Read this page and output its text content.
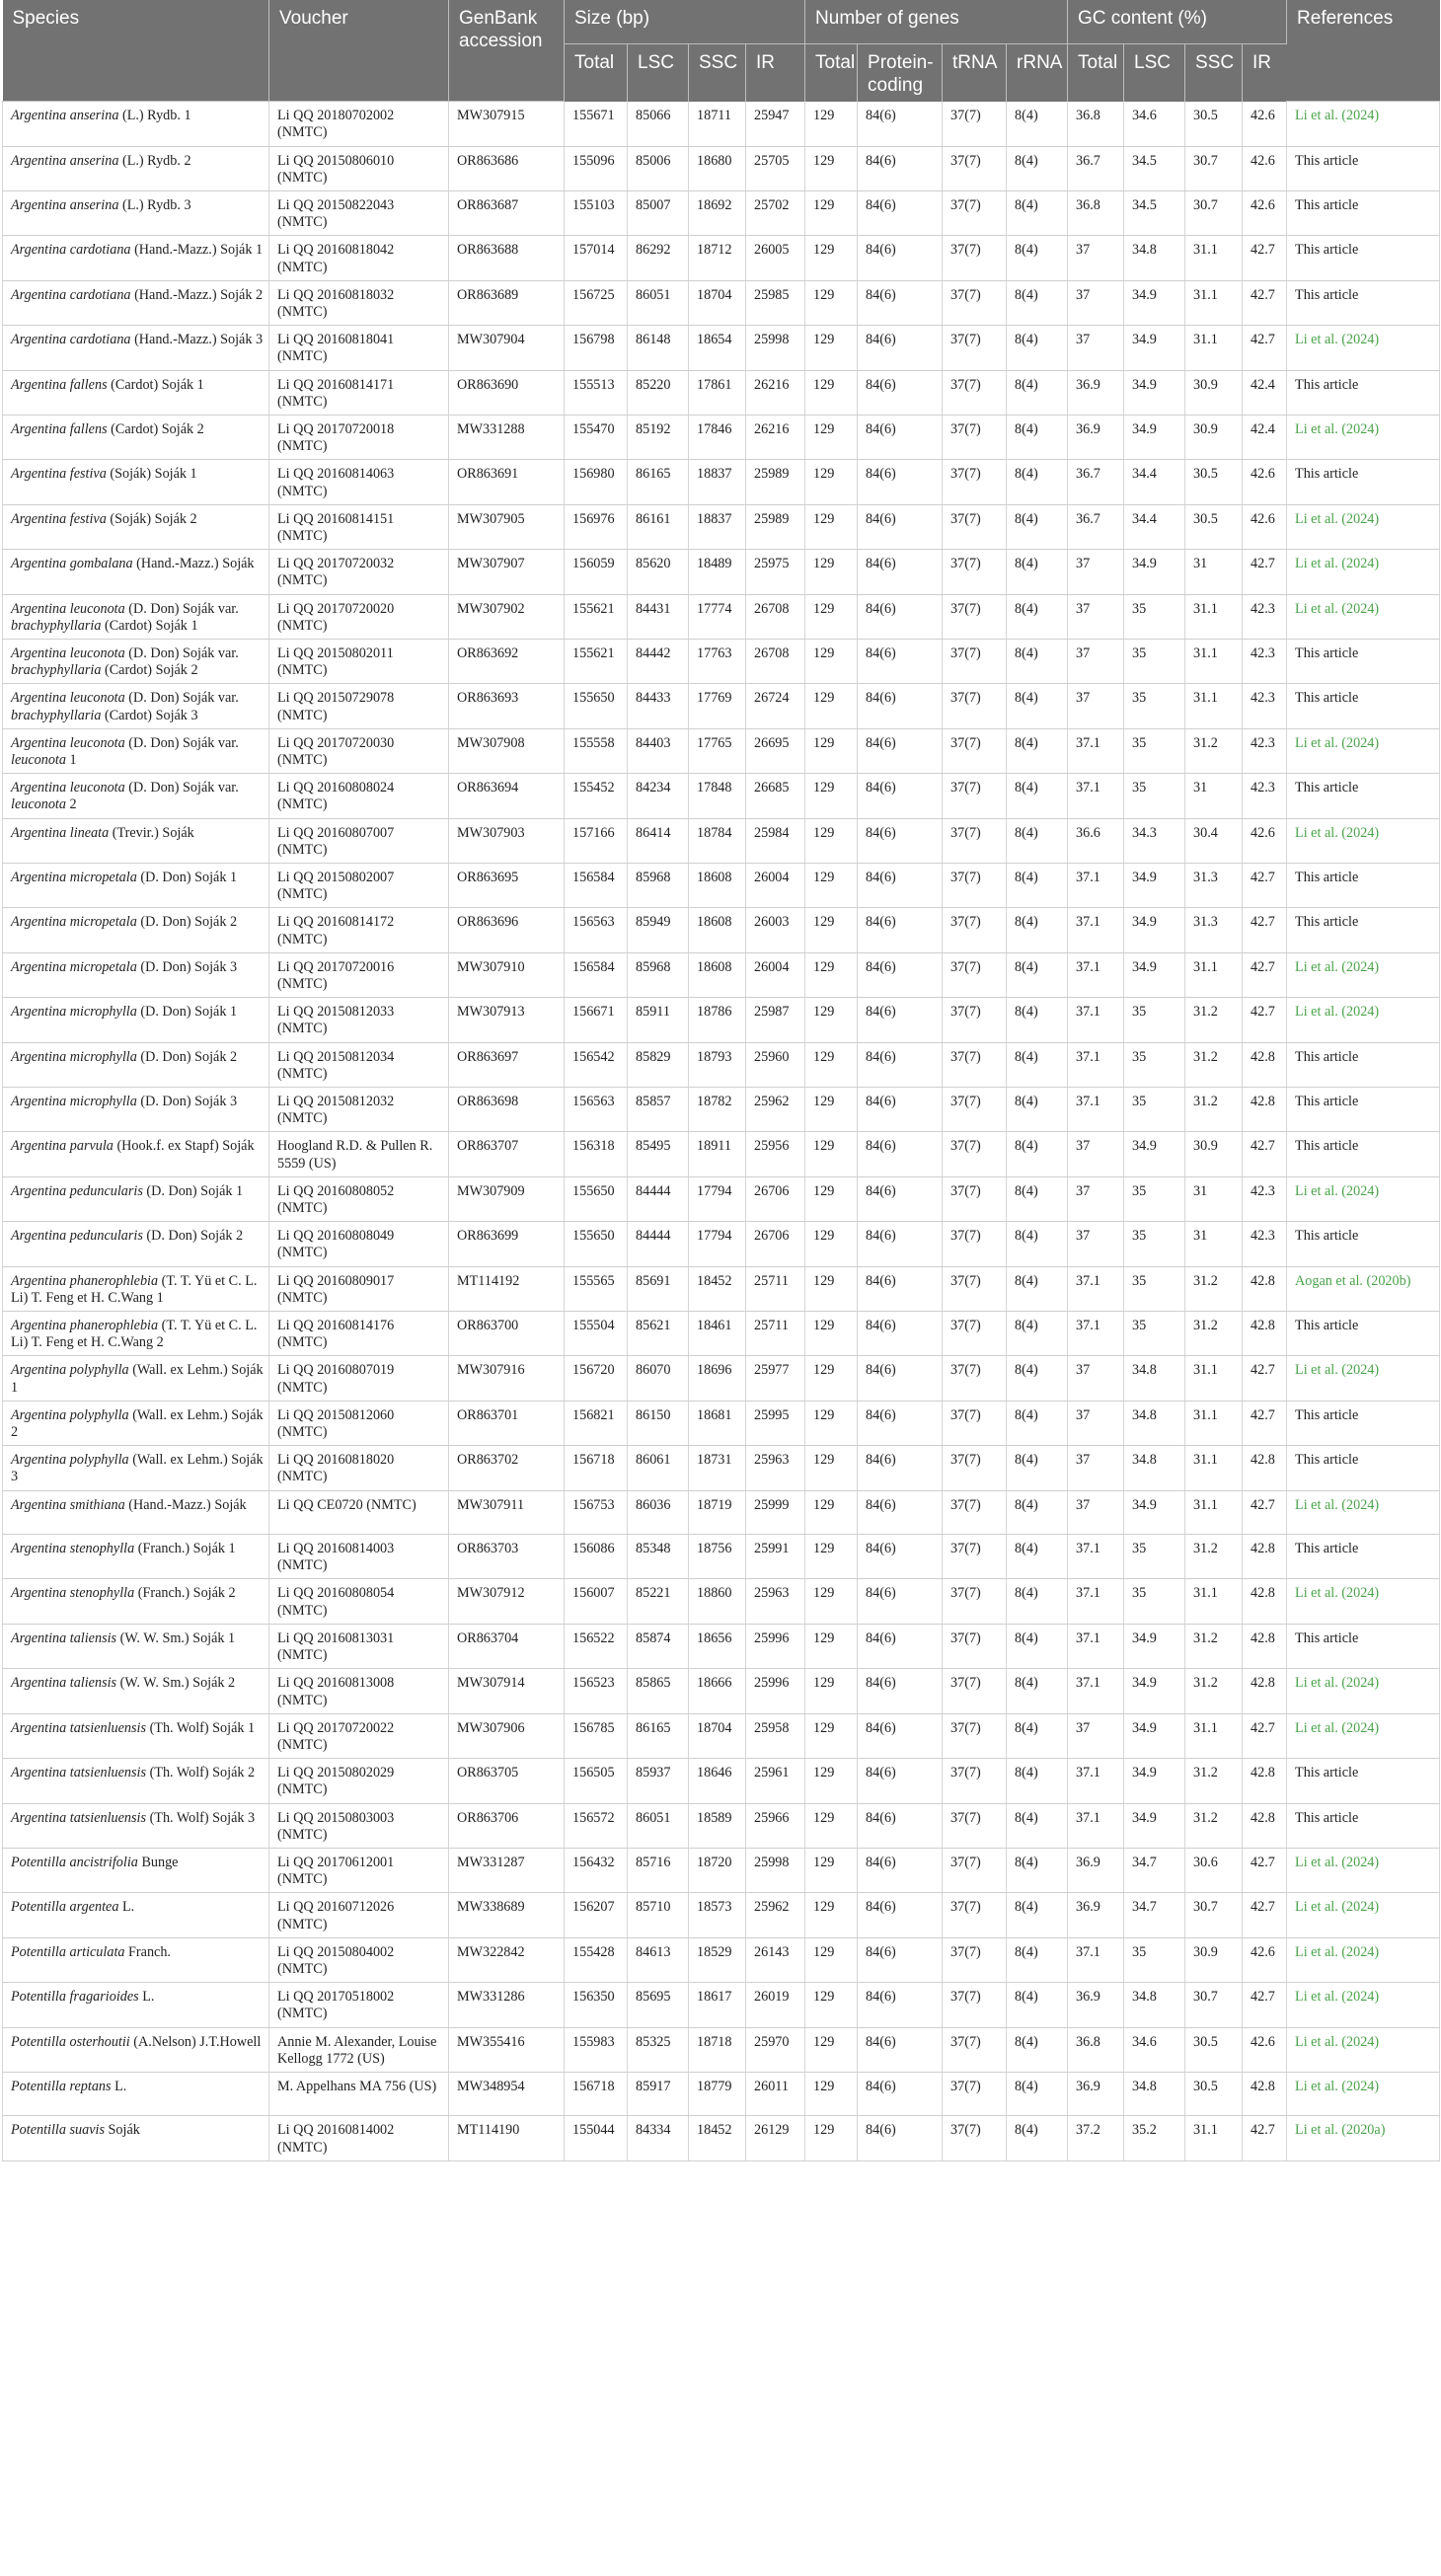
Species	Voucher	GenBank accession	Size (bp)				Number of genes				GC content (%)				References
			Total	LSC	SSC	IR	Total	Protein-coding	tRNA	rRNA	Total	LSC	SSC	IR	
Argentina anserina (L.) Rydb. 1	Li QQ 20180702002 (NMTC)	MW307915	155671	85066	18711	25947	129	84(6)	37(7)	8(4)	36.8	34.6	30.5	42.6	Li et al. (2024)
Argentina anserina (L.) Rydb. 2	Li QQ 20150806010 (NMTC)	OR863686	155096	85006	18680	25705	129	84(6)	37(7)	8(4)	36.7	34.5	30.7	42.6	This article
Argentina anserina (L.) Rydb. 3	Li QQ 20150822043 (NMTC)	OR863687	155103	85007	18692	25702	129	84(6)	37(7)	8(4)	36.8	34.5	30.7	42.6	This article
Argentina cardotiana (Hand.-Mazz.) Soják 1	Li QQ 20160818042 (NMTC)	OR863688	157014	86292	18712	26005	129	84(6)	37(7)	8(4)	37	34.8	31.1	42.7	This article
Argentina cardotiana (Hand.-Mazz.) Soják 2	Li QQ 20160818032 (NMTC)	OR863689	156725	86051	18704	25985	129	84(6)	37(7)	8(4)	37	34.9	31.1	42.7	This article
Argentina cardotiana (Hand.-Mazz.) Soják 3	Li QQ 20160818041 (NMTC)	MW307904	156798	86148	18654	25998	129	84(6)	37(7)	8(4)	37	34.9	31.1	42.7	Li et al. (2024)
Argentina fallens (Cardot) Soják 1	Li QQ 20160814171 (NMTC)	OR863690	155513	85220	17861	26216	129	84(6)	37(7)	8(4)	36.9	34.9	30.9	42.4	This article
Argentina fallens (Cardot) Soják 2	Li QQ 20170720018 (NMTC)	MW331288	155470	85192	17846	26216	129	84(6)	37(7)	8(4)	36.9	34.9	30.9	42.4	Li et al. (2024)
Argentina festiva (Soják) Soják 1	Li QQ 20160814063 (NMTC)	OR863691	156980	86165	18837	25989	129	84(6)	37(7)	8(4)	36.7	34.4	30.5	42.6	This article
Argentina festiva (Soják) Soják 2	Li QQ 20160814151 (NMTC)	MW307905	156976	86161	18837	25989	129	84(6)	37(7)	8(4)	36.7	34.4	30.5	42.6	Li et al. (2024)
Argentina gombalana (Hand.-Mazz.) Soják	Li QQ 20170720032 (NMTC)	MW307907	156059	85620	18489	25975	129	84(6)	37(7)	8(4)	37	34.9	31	42.7	Li et al. (2024)
Argentina leuconota (D. Don) Soják var. brachyphyllaria (Cardot) Soják 1	Li QQ 20170720020 (NMTC)	MW307902	155621	84431	17774	26708	129	84(6)	37(7)	8(4)	37	35	31.1	42.3	Li et al. (2024)
Argentina leuconota (D. Don) Soják var. brachyphyllaria (Cardot) Soják 2	Li QQ 20150802011 (NMTC)	OR863692	155621	84442	17763	26708	129	84(6)	37(7)	8(4)	37	35	31.1	42.3	This article
Argentina leuconota (D. Don) Soják var. brachyphyllaria (Cardot) Soják 3	Li QQ 20150729078 (NMTC)	OR863693	155650	84433	17769	26724	129	84(6)	37(7)	8(4)	37	35	31.1	42.3	This article
Argentina leuconota (D. Don) Soják var. leuconota 1	Li QQ 20170720030 (NMTC)	MW307908	155558	84403	17765	26695	129	84(6)	37(7)	8(4)	37.1	35	31.2	42.3	Li et al. (2024)
Argentina leuconota (D. Don) Soják var. leuconota 2	Li QQ 20160808024 (NMTC)	OR863694	155452	84234	17848	26685	129	84(6)	37(7)	8(4)	37.1	35	31	42.3	This article
Argentina lineata (Trevir.) Soják	Li QQ 20160807007 (NMTC)	MW307903	157166	86414	18784	25984	129	84(6)	37(7)	8(4)	36.6	34.3	30.4	42.6	Li et al. (2024)
Argentina micropetala (D. Don) Soják 1	Li QQ 20150802007 (NMTC)	OR863695	156584	85968	18608	26004	129	84(6)	37(7)	8(4)	37.1	34.9	31.3	42.7	This article
Argentina micropetala (D. Don) Soják 2	Li QQ 20160814172 (NMTC)	OR863696	156563	85949	18608	26003	129	84(6)	37(7)	8(4)	37.1	34.9	31.3	42.7	This article
Argentina micropetala (D. Don) Soják 3	Li QQ 20170720016 (NMTC)	MW307910	156584	85968	18608	26004	129	84(6)	37(7)	8(4)	37.1	34.9	31.1	42.7	Li et al. (2024)
Argentina microphylla (D. Don) Soják 1	Li QQ 20150812033 (NMTC)	MW307913	156671	85911	18786	25987	129	84(6)	37(7)	8(4)	37.1	35	31.2	42.7	Li et al. (2024)
Argentina microphylla (D. Don) Soják 2	Li QQ 20150812034 (NMTC)	OR863697	156542	85829	18793	25960	129	84(6)	37(7)	8(4)	37.1	35	31.2	42.8	This article
Argentina microphylla (D. Don) Soják 3	Li QQ 20150812032 (NMTC)	OR863698	156563	85857	18782	25962	129	84(6)	37(7)	8(4)	37.1	35	31.2	42.8	This article
Argentina parvula (Hook.f. ex Stapf) Soják	Hoogland R.D. & Pullen R. 5559 (US)	OR863707	156318	85495	18911	25956	129	84(6)	37(7)	8(4)	37	34.9	30.9	42.7	This article
Argentina peduncularis (D. Don) Soják 1	Li QQ 20160808052 (NMTC)	MW307909	155650	84444	17794	26706	129	84(6)	37(7)	8(4)	37	35	31	42.3	Li et al. (2024)
Argentina peduncularis (D. Don) Soják 2	Li QQ 20160808049 (NMTC)	OR863699	155650	84444	17794	26706	129	84(6)	37(7)	8(4)	37	35	31	42.3	This article
Argentina phanerophlebia (T. T. Yü et C. L. Li) T. Feng et H. C.Wang 1	Li QQ 20160809017 (NMTC)	MT114192	155565	85691	18452	25711	129	84(6)	37(7)	8(4)	37.1	35	31.2	42.8	Aogan et al. (2020b)
Argentina phanerophlebia (T. T. Yü et C. L. Li) T. Feng et H. C.Wang 2	Li QQ 20160814176 (NMTC)	OR863700	155504	85621	18461	25711	129	84(6)	37(7)	8(4)	37.1	35	31.2	42.8	This article
Argentina polyphylla (Wall. ex Lehm.) Soják 1	Li QQ 20160807019 (NMTC)	MW307916	156720	86070	18696	25977	129	84(6)	37(7)	8(4)	37	34.8	31.1	42.7	Li et al. (2024)
Argentina polyphylla (Wall. ex Lehm.) Soják 2	Li QQ 20150812060 (NMTC)	OR863701	156821	86150	18681	25995	129	84(6)	37(7)	8(4)	37	34.8	31.1	42.7	This article
Argentina polyphylla (Wall. ex Lehm.) Soják 3	Li QQ 20160818020 (NMTC)	OR863702	156718	86061	18731	25963	129	84(6)	37(7)	8(4)	37	34.8	31.1	42.8	This article
Argentina smithiana (Hand.-Mazz.) Soják	Li QQ CE0720 (NMTC)	MW307911	156753	86036	18719	25999	129	84(6)	37(7)	8(4)	37	34.9	31.1	42.7	Li et al. (2024)
Argentina stenophylla (Franch.) Soják 1	Li QQ 20160814003 (NMTC)	OR863703	156086	85348	18756	25991	129	84(6)	37(7)	8(4)	37.1	35	31.2	42.8	This article
Argentina stenophylla (Franch.) Soják 2	Li QQ 20160808054 (NMTC)	MW307912	156007	85221	18860	25963	129	84(6)	37(7)	8(4)	37.1	35	31.1	42.8	Li et al. (2024)
Argentina taliensis (W. W. Sm.) Soják 1	Li QQ 20160813031 (NMTC)	OR863704	156522	85874	18656	25996	129	84(6)	37(7)	8(4)	37.1	34.9	31.2	42.8	This article
Argentina taliensis (W. W. Sm.) Soják 2	Li QQ 20160813008 (NMTC)	MW307914	156523	85865	18666	25996	129	84(6)	37(7)	8(4)	37.1	34.9	31.2	42.8	Li et al. (2024)
Argentina tatsienluensis (Th. Wolf) Soják 1	Li QQ 20170720022 (NMTC)	MW307906	156785	86165	18704	25958	129	84(6)	37(7)	8(4)	37	34.9	31.1	42.7	Li et al. (2024)
Argentina tatsienluensis (Th. Wolf) Soják 2	Li QQ 20150802029 (NMTC)	OR863705	156505	85937	18646	25961	129	84(6)	37(7)	8(4)	37.1	34.9	31.2	42.8	This article
Argentina tatsienluensis (Th. Wolf) Soják 3	Li QQ 20150803003 (NMTC)	OR863706	156572	86051	18589	25966	129	84(6)	37(7)	8(4)	37.1	34.9	31.2	42.8	This article
Potentilla ancistrifolia Bunge	Li QQ 20170612001 (NMTC)	MW331287	156432	85716	18720	25998	129	84(6)	37(7)	8(4)	36.9	34.7	30.6	42.7	Li et al. (2024)
Potentilla argentea L.	Li QQ 20160712026 (NMTC)	MW338689	156207	85710	18573	25962	129	84(6)	37(7)	8(4)	36.9	34.7	30.7	42.7	Li et al. (2024)
Potentilla articulata Franch.	Li QQ 20150804002 (NMTC)	MW322842	155428	84613	18529	26143	129	84(6)	37(7)	8(4)	37.1	35	30.9	42.6	Li et al. (2024)
Potentilla fragarioides L.	Li QQ 20170518002 (NMTC)	MW331286	156350	85695	18617	26019	129	84(6)	37(7)	8(4)	36.9	34.8	30.7	42.7	Li et al. (2024)
Potentilla osterhoutii (A.Nelson) J.T.Howell	Annie M. Alexander, Louise Kellogg 1772 (US)	MW355416	155983	85325	18718	25970	129	84(6)	37(7)	8(4)	36.8	34.6	30.5	42.6	Li et al. (2024)
Potentilla reptans L.	M. Appelhans MA 756 (US)	MW348954	156718	85917	18779	26011	129	84(6)	37(7)	8(4)	36.9	34.8	30.5	42.8	Li et al. (2024)
Potentilla suavis Soják	Li QQ 20160814002 (NMTC)	MT114190	155044	84334	18452	26129	129	84(6)	37(7)	8(4)	37.2	35.2	31.1	42.7	Li et al. (2020a)
